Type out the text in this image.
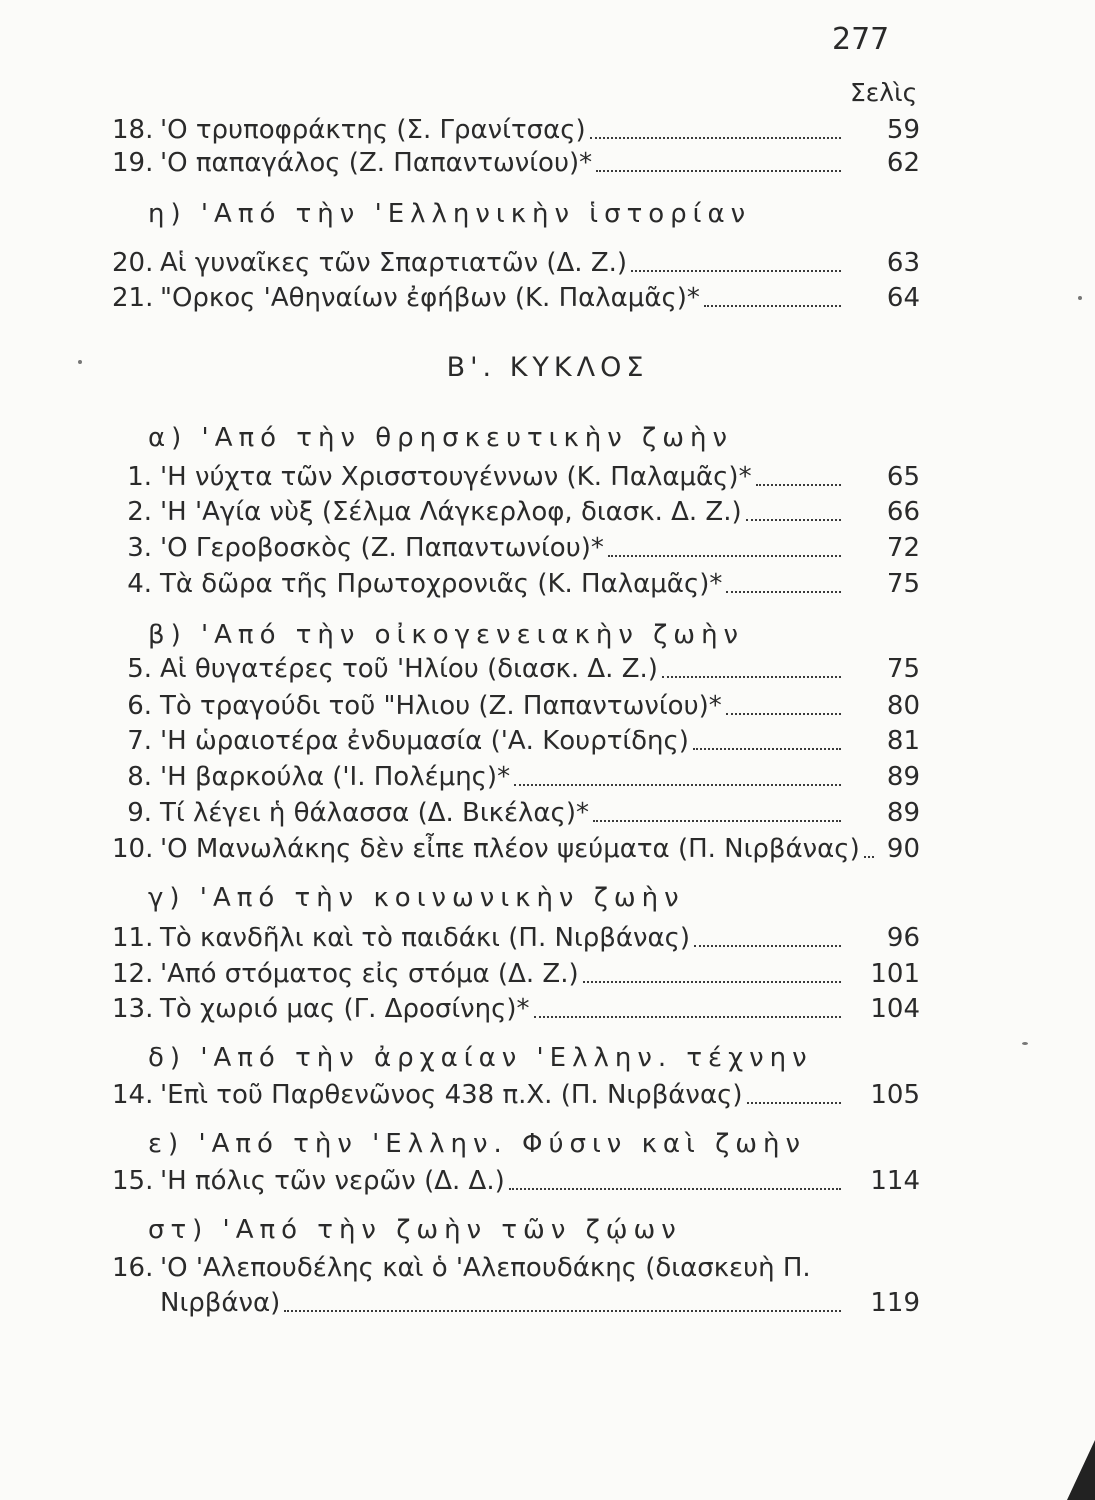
277
Σελὶς
18. 'Ο τρυποφράκτης (Σ. Γρανίτσας)	59
19. 'Ο παπαγάλος (Ζ. Παπαντωνίου)*	62
η) 'Από τὴν 'Ελληνικὴν ἱστορίαν
20. Αἱ γυναῖκες τῶν Σπαρτιατῶν (Δ. Ζ.)	63
21. "Ορκος 'Αθηναίων ἐφήβων (Κ. Παλαμᾶς)*	64
Β'. ΚΥΚΛΟΣ
α) 'Από τὴν θρησκευτικὴν ζωὴν
1. 'Η νύχτα τῶν Χρισστουγέννων (Κ. Παλαμᾶς)*	65
2. 'Η 'Αγία νὺξ (Σέλμα Λάγκερλοφ, διασκ. Δ. Ζ.)	66
3. 'Ο Γεροβοσκὸς (Ζ. Παπαντωνίου)*	72
4. Τὰ δῶρα τῆς Πρωτοχρονιᾶς (Κ. Παλαμᾶς)*	75
β) 'Από τὴν οἰκογενειακὴν ζωὴν
5. Αἱ θυγατέρες τοῦ 'Ηλίου (διασκ. Δ. Ζ.)	75
6. Τὸ τραγούδι τοῦ "Ηλιου (Ζ. Παπαντωνίου)*	80
7. 'Η ὡραιοτέρα ἐνδυμασία ('Α. Κουρτίδης)	81
8. 'Η βαρκούλα ('Ι. Πολέμης)*	89
9. Τί λέγει ἡ θάλασσα (Δ. Βικέλας)*	89
10. 'Ο Μανωλάκης δὲν εἶπε πλέον ψεύματα (Π. Νιρβάνας)	90
γ) 'Από τὴν κοινωνικὴν ζωὴν
11. Τὸ κανδῆλι καὶ τὸ παιδάκι (Π. Νιρβάνας)	96
12. 'Από στόματος εἰς στόμα (Δ. Ζ.)	101
13. Τὸ χωριό μας (Γ. Δροσίνης)*	104
δ) 'Από τὴν ἀρχαίαν 'Ελλην. τέχνην
14. 'Επὶ τοῦ Παρθενῶνος 438 π.Χ. (Π. Νιρβάνας)	105
ε) 'Από τὴν 'Ελλην. Φύσιν καὶ ζωὴν
15. 'Η πόλις τῶν νερῶν (Δ. Δ.)	114
στ) 'Από τὴν ζωὴν τῶν ζῴων
16. 'Ο 'Αλεπουδέλης καὶ ὁ 'Αλεπουδάκης (διασκευὴ Π.
Νιρβάνα)	119
